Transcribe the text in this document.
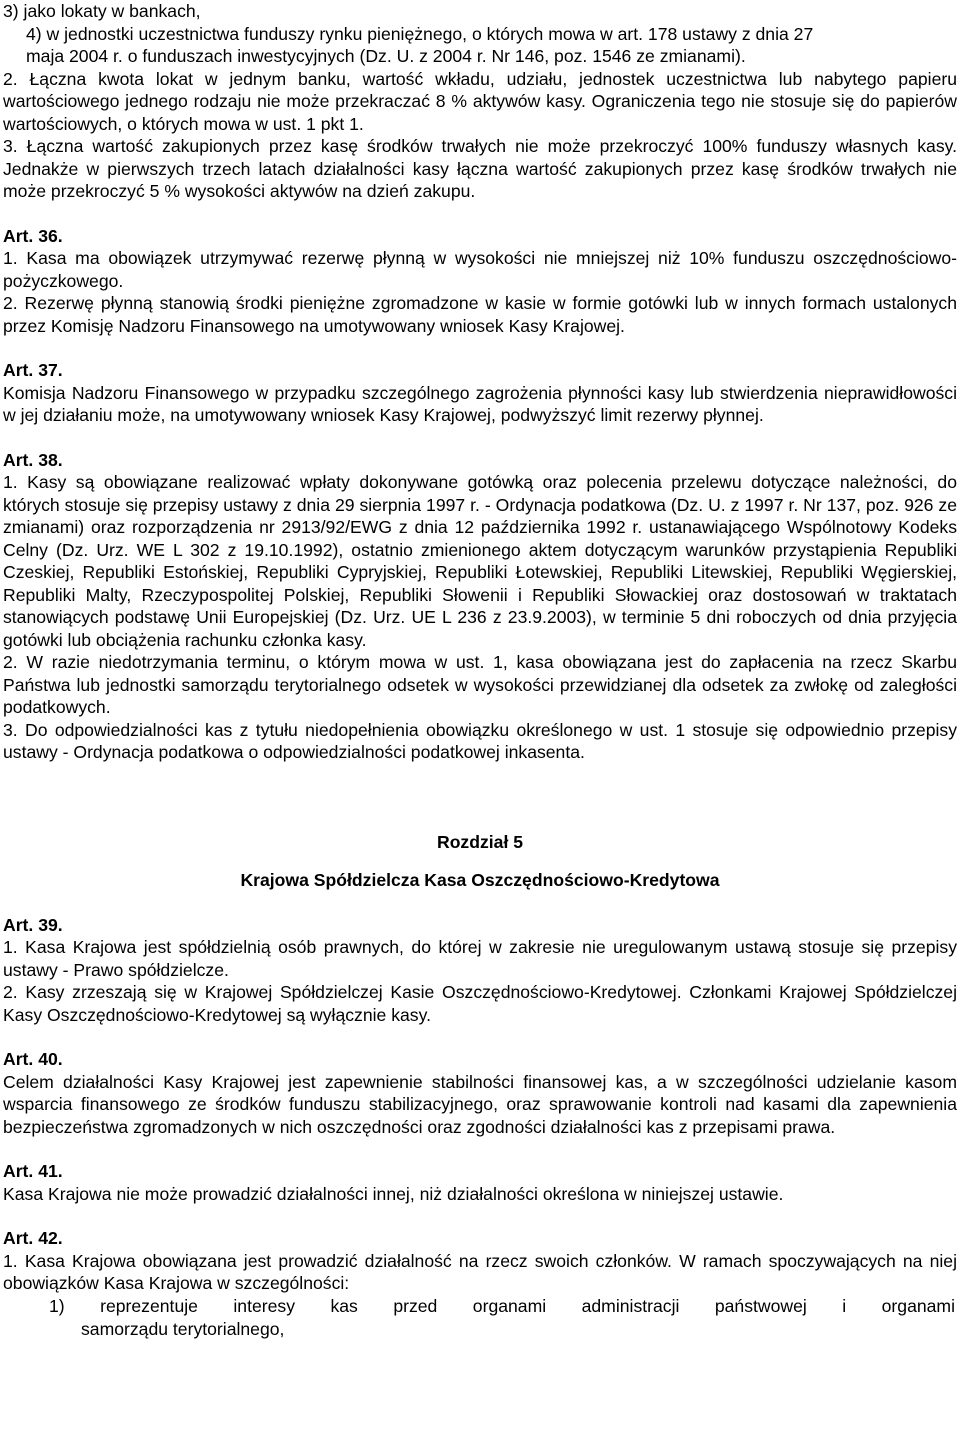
3) jako lokaty w bankach,

4) w jednostki uczestnictwa funduszy rynku pieniężnego, o których mowa w art. 178 ustawy z dnia 27

maja 2004 r. o funduszach inwestycyjnych (Dz. U. z 2004 r. Nr 146, poz. 1546 ze zmianami).

2. Łączna kwota lokat w jednym banku, wartość wkładu, udziału, jednostek uczestnictwa lub nabytego papieru wartościowego jednego rodzaju nie może przekraczać 8 % aktywów kasy. Ograniczenia tego nie stosuje się do papierów wartościowych, o których mowa w ust. 1 pkt 1.

3. Łączna wartość zakupionych przez kasę środków trwałych nie może przekroczyć 100% funduszy własnych kasy. Jednakże w pierwszych trzech latach działalności kasy łączna wartość zakupionych przez kasę środków trwałych nie może przekroczyć 5 % wysokości aktywów na dzień zakupu.

Art. 36.

1. Kasa ma obowiązek utrzymywać rezerwę płynną w wysokości nie mniejszej niż 10% funduszu oszczędnościowo-pożyczkowego.

2. Rezerwę płynną stanowią środki pieniężne zgromadzone w kasie w formie gotówki lub w innych formach ustalonych przez Komisję Nadzoru Finansowego na umotywowany wniosek Kasy Krajowej.

Art. 37.

Komisja Nadzoru Finansowego w przypadku szczególnego zagrożenia płynności kasy lub stwierdzenia nieprawidłowości w jej działaniu może, na umotywowany wniosek Kasy Krajowej, podwyższyć limit rezerwy płynnej.

Art. 38.

1. Kasy są obowiązane realizować wpłaty dokonywane gotówką oraz polecenia przelewu dotyczące należności, do których stosuje się przepisy ustawy z dnia 29 sierpnia 1997 r. - Ordynacja podatkowa (Dz. U. z 1997 r. Nr 137, poz. 926 ze zmianami) oraz rozporządzenia nr 2913/92/EWG z dnia 12 października 1992 r. ustanawiającego Wspólnotowy Kodeks Celny (Dz. Urz. WE L 302 z 19.10.1992), ostatnio zmienionego aktem dotyczącym warunków przystąpienia Republiki Czeskiej, Republiki Estońskiej, Republiki Cypryjskiej, Republiki Łotewskiej, Republiki Litewskiej, Republiki Węgierskiej, Republiki Malty, Rzeczypospolitej Polskiej, Republiki Słowenii i Republiki Słowackiej oraz dostosowań w traktatach stanowiących podstawę Unii Europejskiej (Dz. Urz. UE L 236 z 23.9.2003), w terminie 5 dni roboczych od dnia przyjęcia gotówki lub obciążenia rachunku członka kasy.

2. W razie niedotrzymania terminu, o którym mowa w ust. 1, kasa obowiązana jest do zapłacenia na rzecz Skarbu Państwa lub jednostki samorządu terytorialnego odsetek w wysokości przewidzianej dla odsetek za zwłokę od zaległości podatkowych.

3. Do odpowiedzialności kas z tytułu niedopełnienia obowiązku określonego w ust. 1 stosuje się odpowiednio przepisy ustawy - Ordynacja podatkowa o odpowiedzialności podatkowej inkasenta.

Rozdział 5

Krajowa Spółdzielcza Kasa Oszczędnościowo-Kredytowa

Art. 39.

1. Kasa Krajowa jest spółdzielnią osób prawnych, do której w zakresie nie uregulowanym ustawą stosuje się przepisy ustawy - Prawo spółdzielcze.

2. Kasy zrzeszają się w Krajowej Spółdzielczej Kasie Oszczędnościowo-Kredytowej. Członkami Krajowej Spółdzielczej Kasy Oszczędnościowo-Kredytowej są wyłącznie kasy.

Art. 40.

Celem działalności Kasy Krajowej jest zapewnienie stabilności finansowej kas, a w szczególności udzielanie kasom wsparcia finansowego ze środków funduszu stabilizacyjnego, oraz sprawowanie kontroli nad kasami dla zapewnienia bezpieczeństwa zgromadzonych w nich oszczędności oraz zgodności działalności kas z przepisami prawa.

Art. 41.

Kasa Krajowa nie może prowadzić działalności innej, niż działalności określona w niniejszej ustawie.

Art. 42.

1. Kasa Krajowa obowiązana jest prowadzić działalność na rzecz swoich członków. W ramach spoczywających na niej obowiązków Kasa Krajowa w szczególności:

1) reprezentuje interesy kas przed organami administracji państwowej i organami

samorządu terytorialnego,
